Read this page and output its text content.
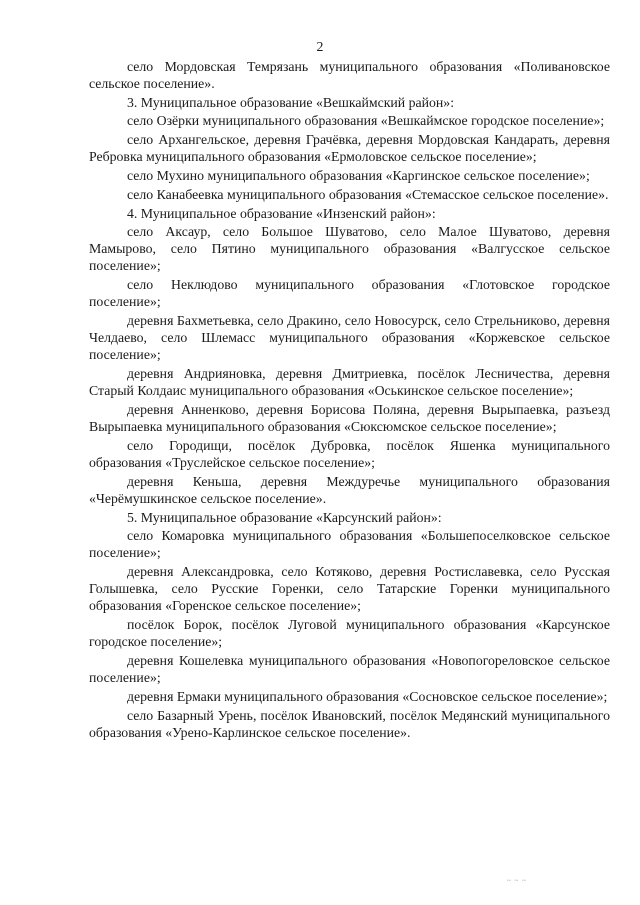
2

село Мордовская Темрязань муниципального образования «Поливановское сельское поселение».

3. Муниципальное образование «Вешкаймский район»:

село Озёрки муниципального образования «Вешкаймское городское поселение»;

село Архангельское, деревня Грачёвка, деревня Мордовская Кандарать, деревня Ребровка муниципального образования «Ермоловское сельское поселение»;

село Мухино муниципального образования «Каргинское сельское поселение»;

село Канабеевка муниципального образования «Стемасское сельское поселение».

4. Муниципальное образование «Инзенский район»:

село Аксаур, село Большое Шуватово, село Малое Шуватово, деревня Мамырово, село Пятино муниципального образования «Валгусское сельское поселение»;

село Неклюдово муниципального образования «Глотовское городское поселение»;

деревня Бахметьевка, село Дракино, село Новосурск, село Стрельниково, деревня Челдаево, село Шлемасс муниципального образования «Коржевское сельское поселение»;

деревня Андрияновка, деревня Дмитриевка, посёлок Лесничества, деревня Старый Колдаис муниципального образования «Оськинское сельское поселение»;

деревня Анненково, деревня Борисова Поляна, деревня Вырыпаевка, разъезд Вырыпаевка муниципального образования «Сюксюмское сельское поселение»;

село Городищи, посёлок Дубровка, посёлок Яшенка муниципального образования «Труслейское сельское поселение»;

деревня Кеньша, деревня Междуречье муниципального образования «Черёмушкинское сельское поселение».

5. Муниципальное образование «Карсунский район»:

село Комаровка муниципального образования «Большепоселковское сельское поселение»;

деревня Александровка, село Котяково, деревня Ростиславевка, село Русская Голышевка, село Русские Горенки, село Татарские Горенки муниципального образования «Горенское сельское поселение»;

посёлок Борок, посёлок Луговой муниципального образования «Карсунское городское поселение»;

деревня Кошелевка муниципального образования «Новопогореловское сельское поселение»;

деревня Ермаки муниципального образования «Сосновское сельское поселение»;

село Базарный Урень, посёлок Ивановский, посёлок Медянский муниципального образования «Урено-Карлинское сельское поселение».

~ ~ ~
